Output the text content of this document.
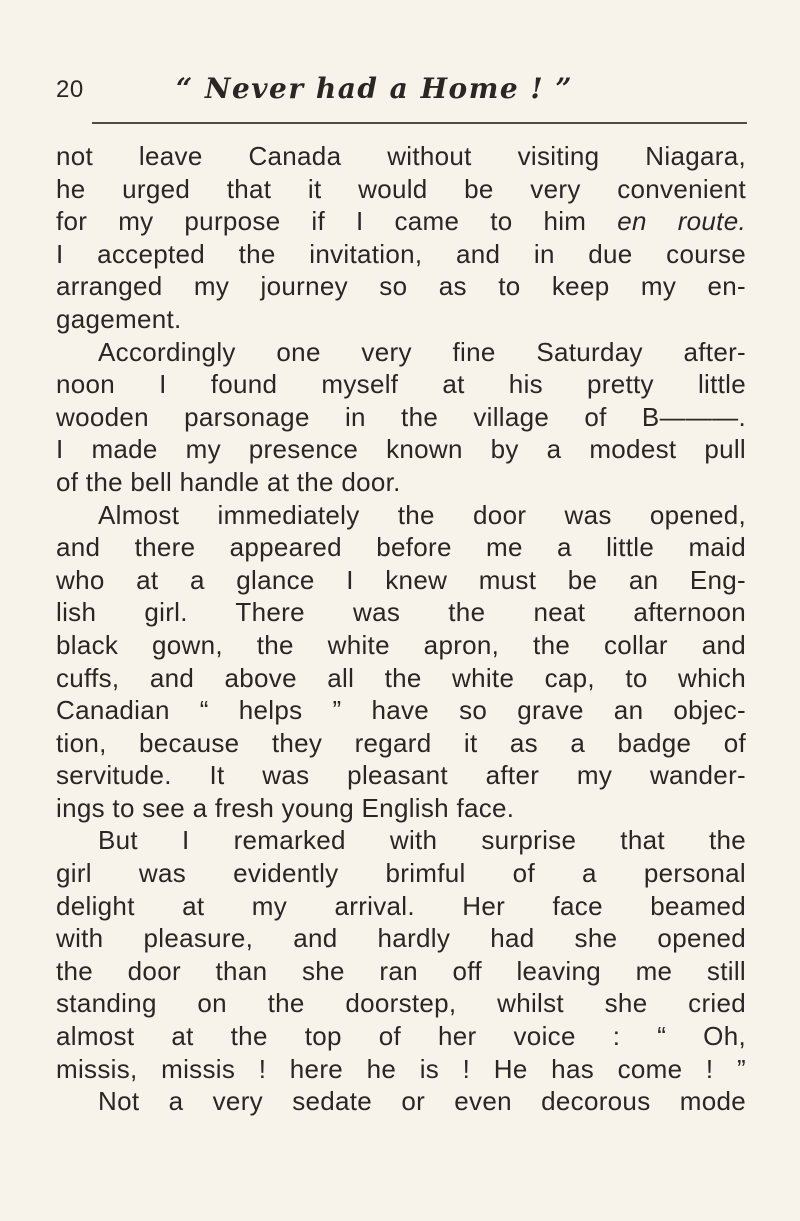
20	“ Never had a Home ! ”
not leave Canada without visiting Niagara,
he urged that it would be very convenient
for my purpose if I came to him en route.
I accepted the invitation, and in due course
arranged my journey so as to keep my en-
gagement.
Accordingly one very fine Saturday after-
noon I found myself at his pretty little
wooden parsonage in the village of B———.
I made my presence known by a modest pull
of the bell handle at the door.
Almost immediately the door was opened,
and there appeared before me a little maid
who at a glance I knew must be an Eng-
lish girl. There was the neat afternoon
black gown, the white apron, the collar and
cuffs, and above all the white cap, to which
Canadian “ helps ” have so grave an objec-
tion, because they regard it as a badge of
servitude. It was pleasant after my wander-
ings to see a fresh young English face.
But I remarked with surprise that the
girl was evidently brimful of a personal
delight at my arrival. Her face beamed
with pleasure, and hardly had she opened
the door than she ran off leaving me still
standing on the doorstep, whilst she cried
almost at the top of her voice : “ Oh,
missis, missis ! here he is ! He has come ! ”
Not a very sedate or even decorous mode
